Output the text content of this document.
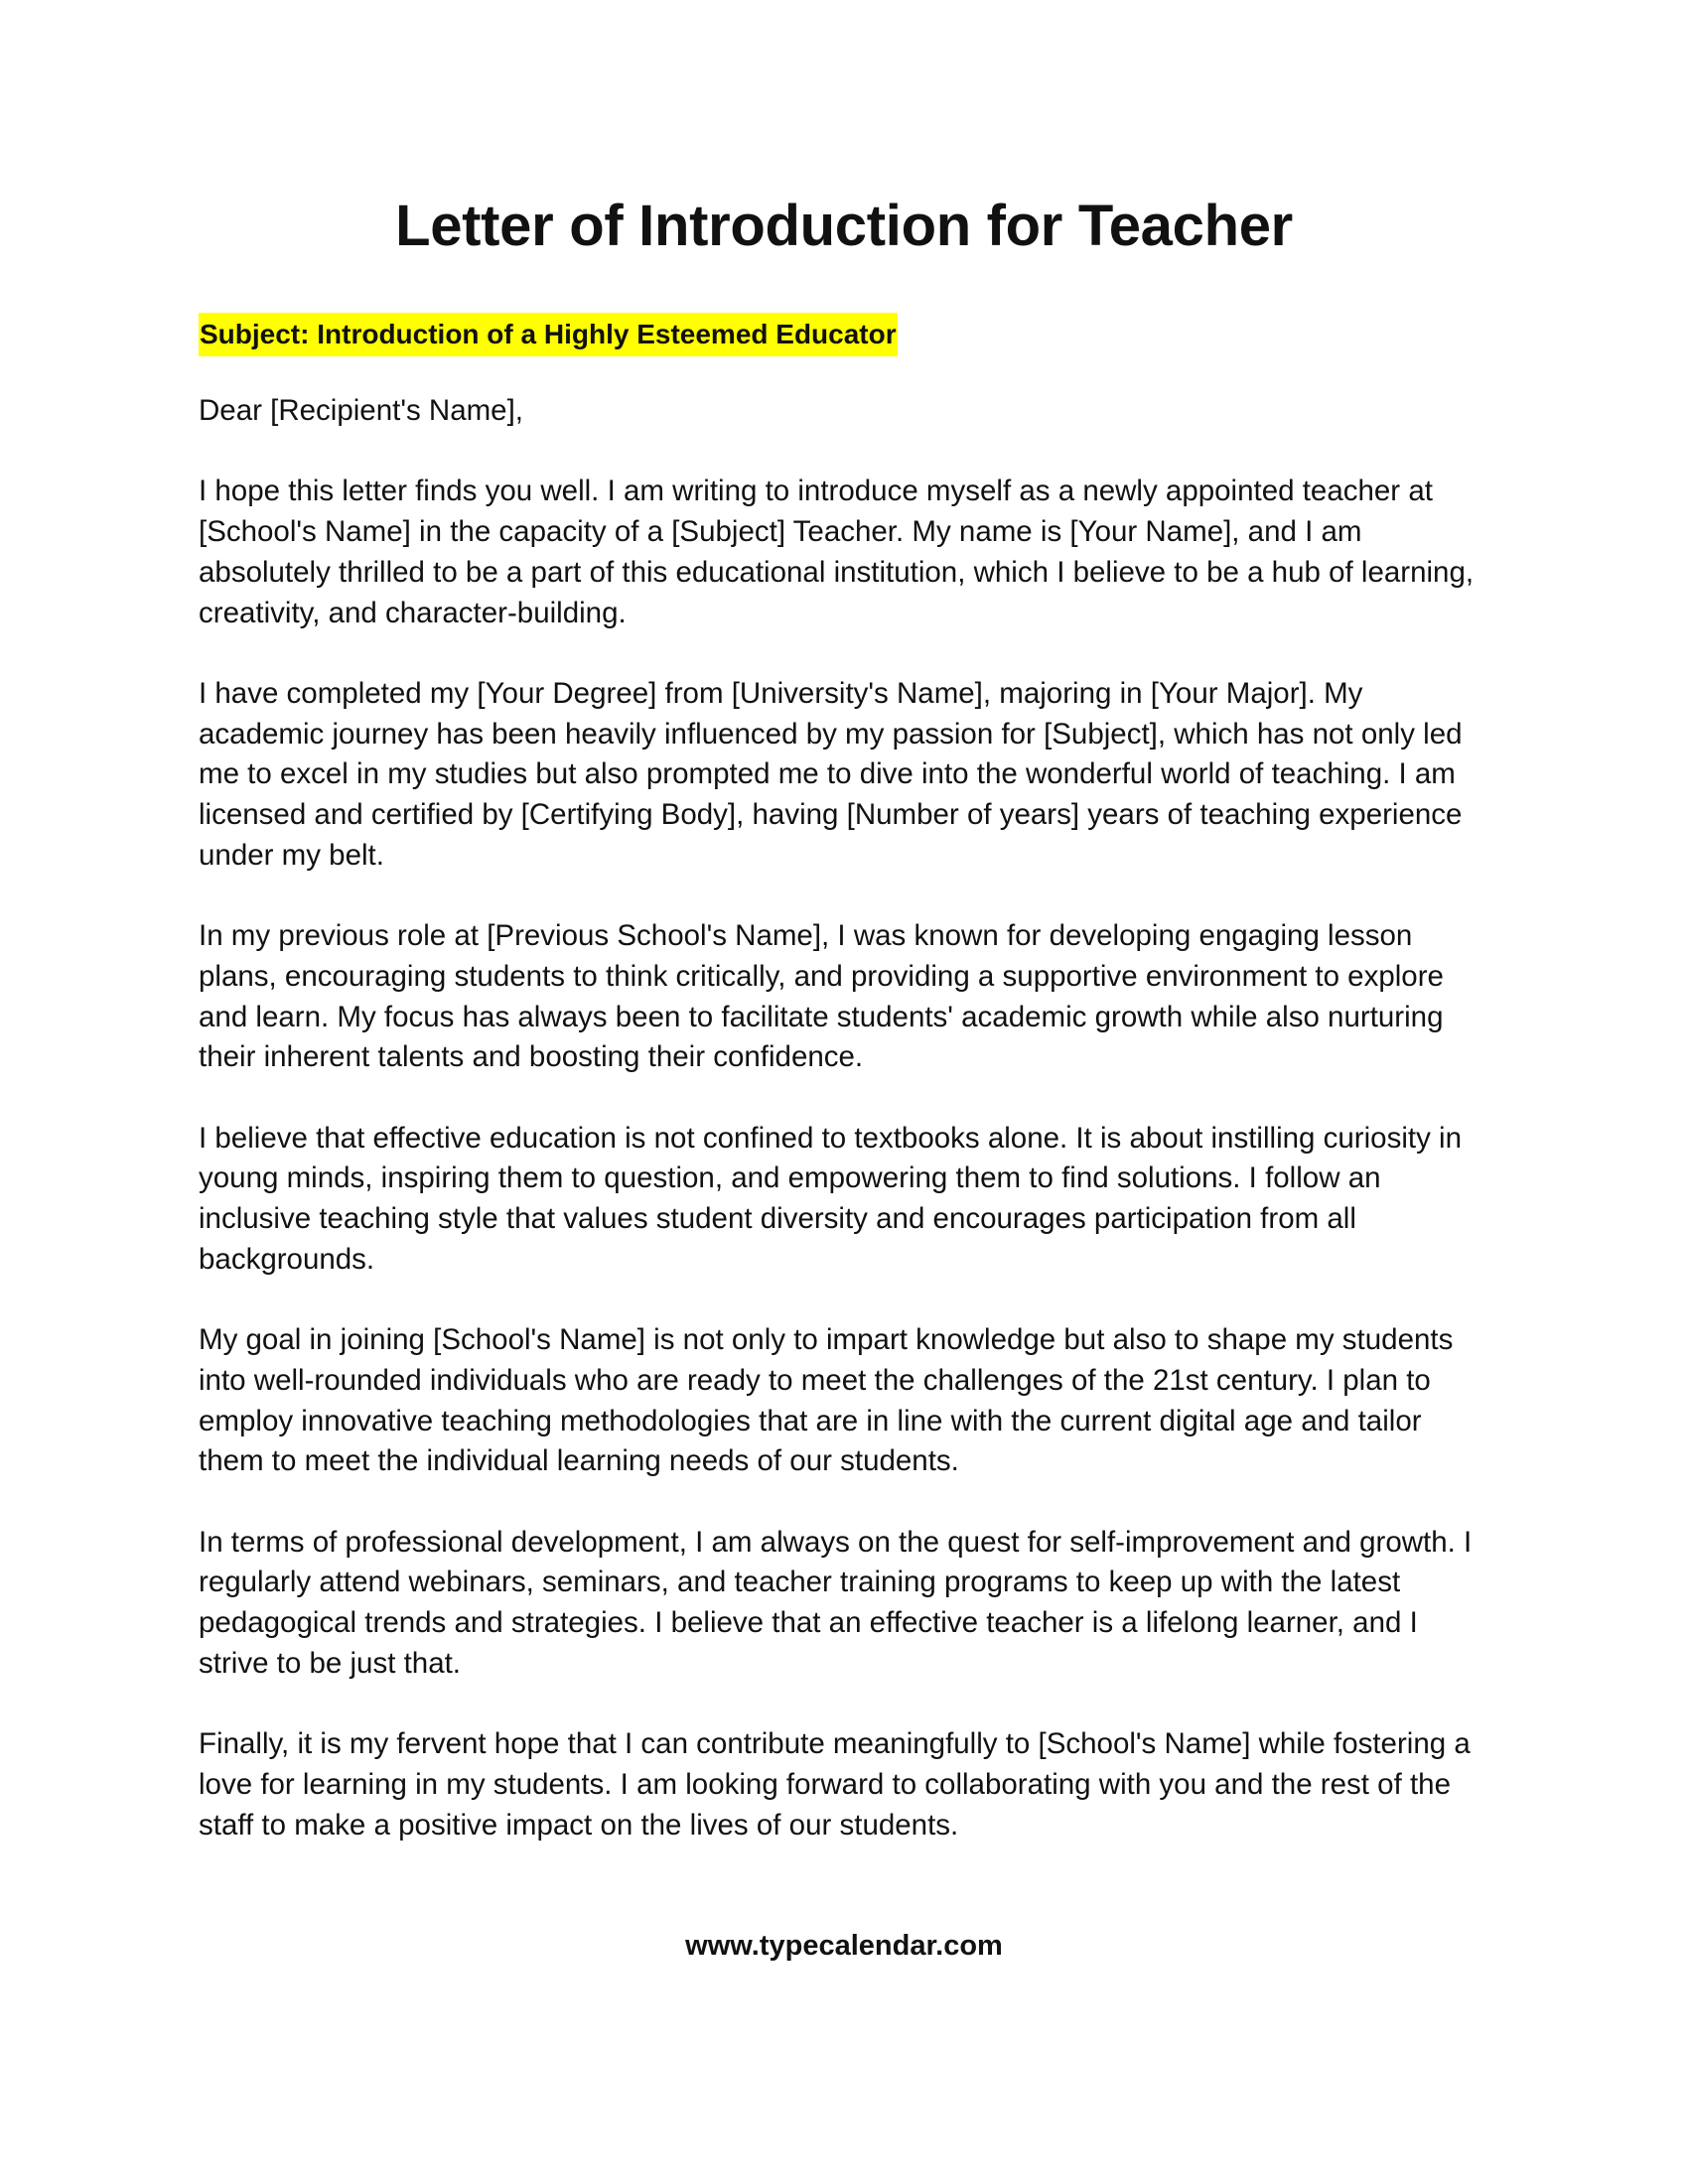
Letter of Introduction for Teacher
Subject: Introduction of a Highly Esteemed Educator

Dear [Recipient's Name],

I hope this letter finds you well. I am writing to introduce myself as a newly appointed teacher at [School's Name] in the capacity of a [Subject] Teacher. My name is [Your Name], and I am absolutely thrilled to be a part of this educational institution, which I believe to be a hub of learning, creativity, and character-building.

I have completed my [Your Degree] from [University's Name], majoring in [Your Major]. My academic journey has been heavily influenced by my passion for [Subject], which has not only led me to excel in my studies but also prompted me to dive into the wonderful world of teaching. I am licensed and certified by [Certifying Body], having [Number of years] years of teaching experience under my belt.

In my previous role at [Previous School's Name], I was known for developing engaging lesson plans, encouraging students to think critically, and providing a supportive environment to explore and learn. My focus has always been to facilitate students' academic growth while also nurturing their inherent talents and boosting their confidence.

I believe that effective education is not confined to textbooks alone. It is about instilling curiosity in young minds, inspiring them to question, and empowering them to find solutions. I follow an inclusive teaching style that values student diversity and encourages participation from all backgrounds.

My goal in joining [School's Name] is not only to impart knowledge but also to shape my students into well-rounded individuals who are ready to meet the challenges of the 21st century. I plan to employ innovative teaching methodologies that are in line with the current digital age and tailor them to meet the individual learning needs of our students.

In terms of professional development, I am always on the quest for self-improvement and growth. I regularly attend webinars, seminars, and teacher training programs to keep up with the latest pedagogical trends and strategies. I believe that an effective teacher is a lifelong learner, and I strive to be just that.

Finally, it is my fervent hope that I can contribute meaningfully to [School's Name] while fostering a love for learning in my students. I am looking forward to collaborating with you and the rest of the staff to make a positive impact on the lives of our students.

www.typecalendar.com
